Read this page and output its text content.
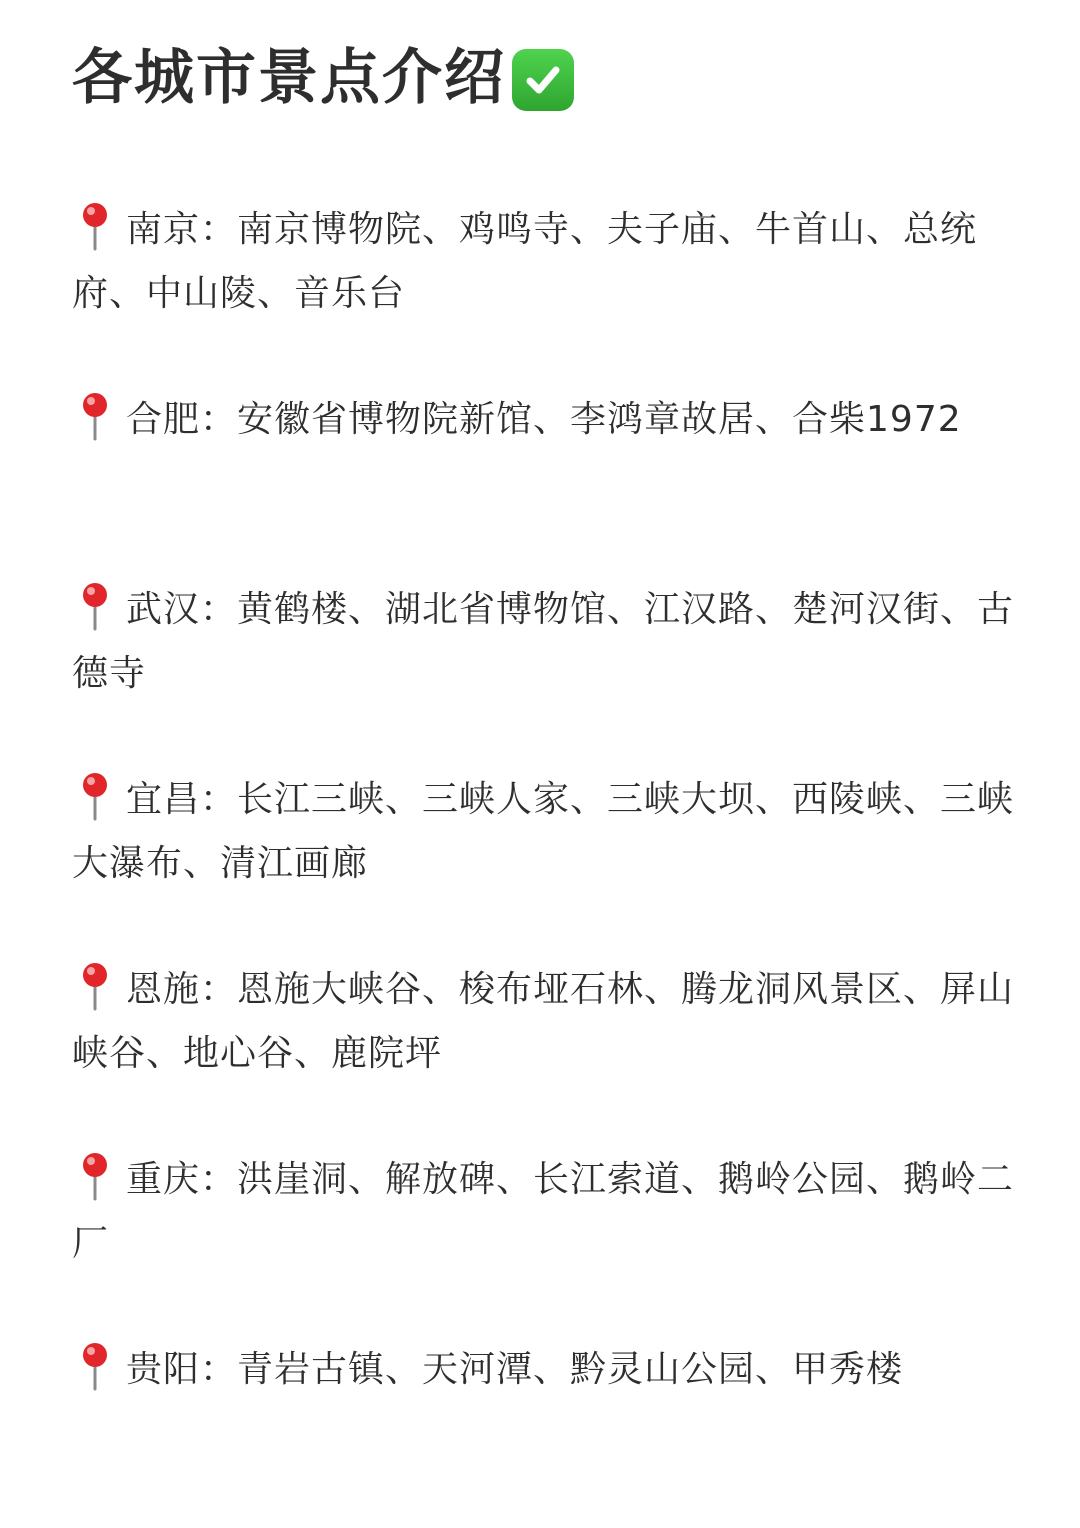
各城市景点介绍
南京：南京博物院、鸡鸣寺、夫子庙、牛首山、总统府、中山陵、音乐台
合肥：安徽省博物院新馆、李鸿章故居、合柴1972
武汉：黄鹤楼、湖北省博物馆、江汉路、楚河汉街、古德寺
宜昌：长江三峡、三峡人家、三峡大坝、西陵峡、三峡大瀑布、清江画廊
恩施：恩施大峡谷、梭布垭石林、腾龙洞风景区、屏山峡谷、地心谷、鹿院坪
重庆：洪崖洞、解放碑、长江索道、鹅岭公园、鹅岭二厂
贵阳：青岩古镇、天河潭、黔灵山公园、甲秀楼
